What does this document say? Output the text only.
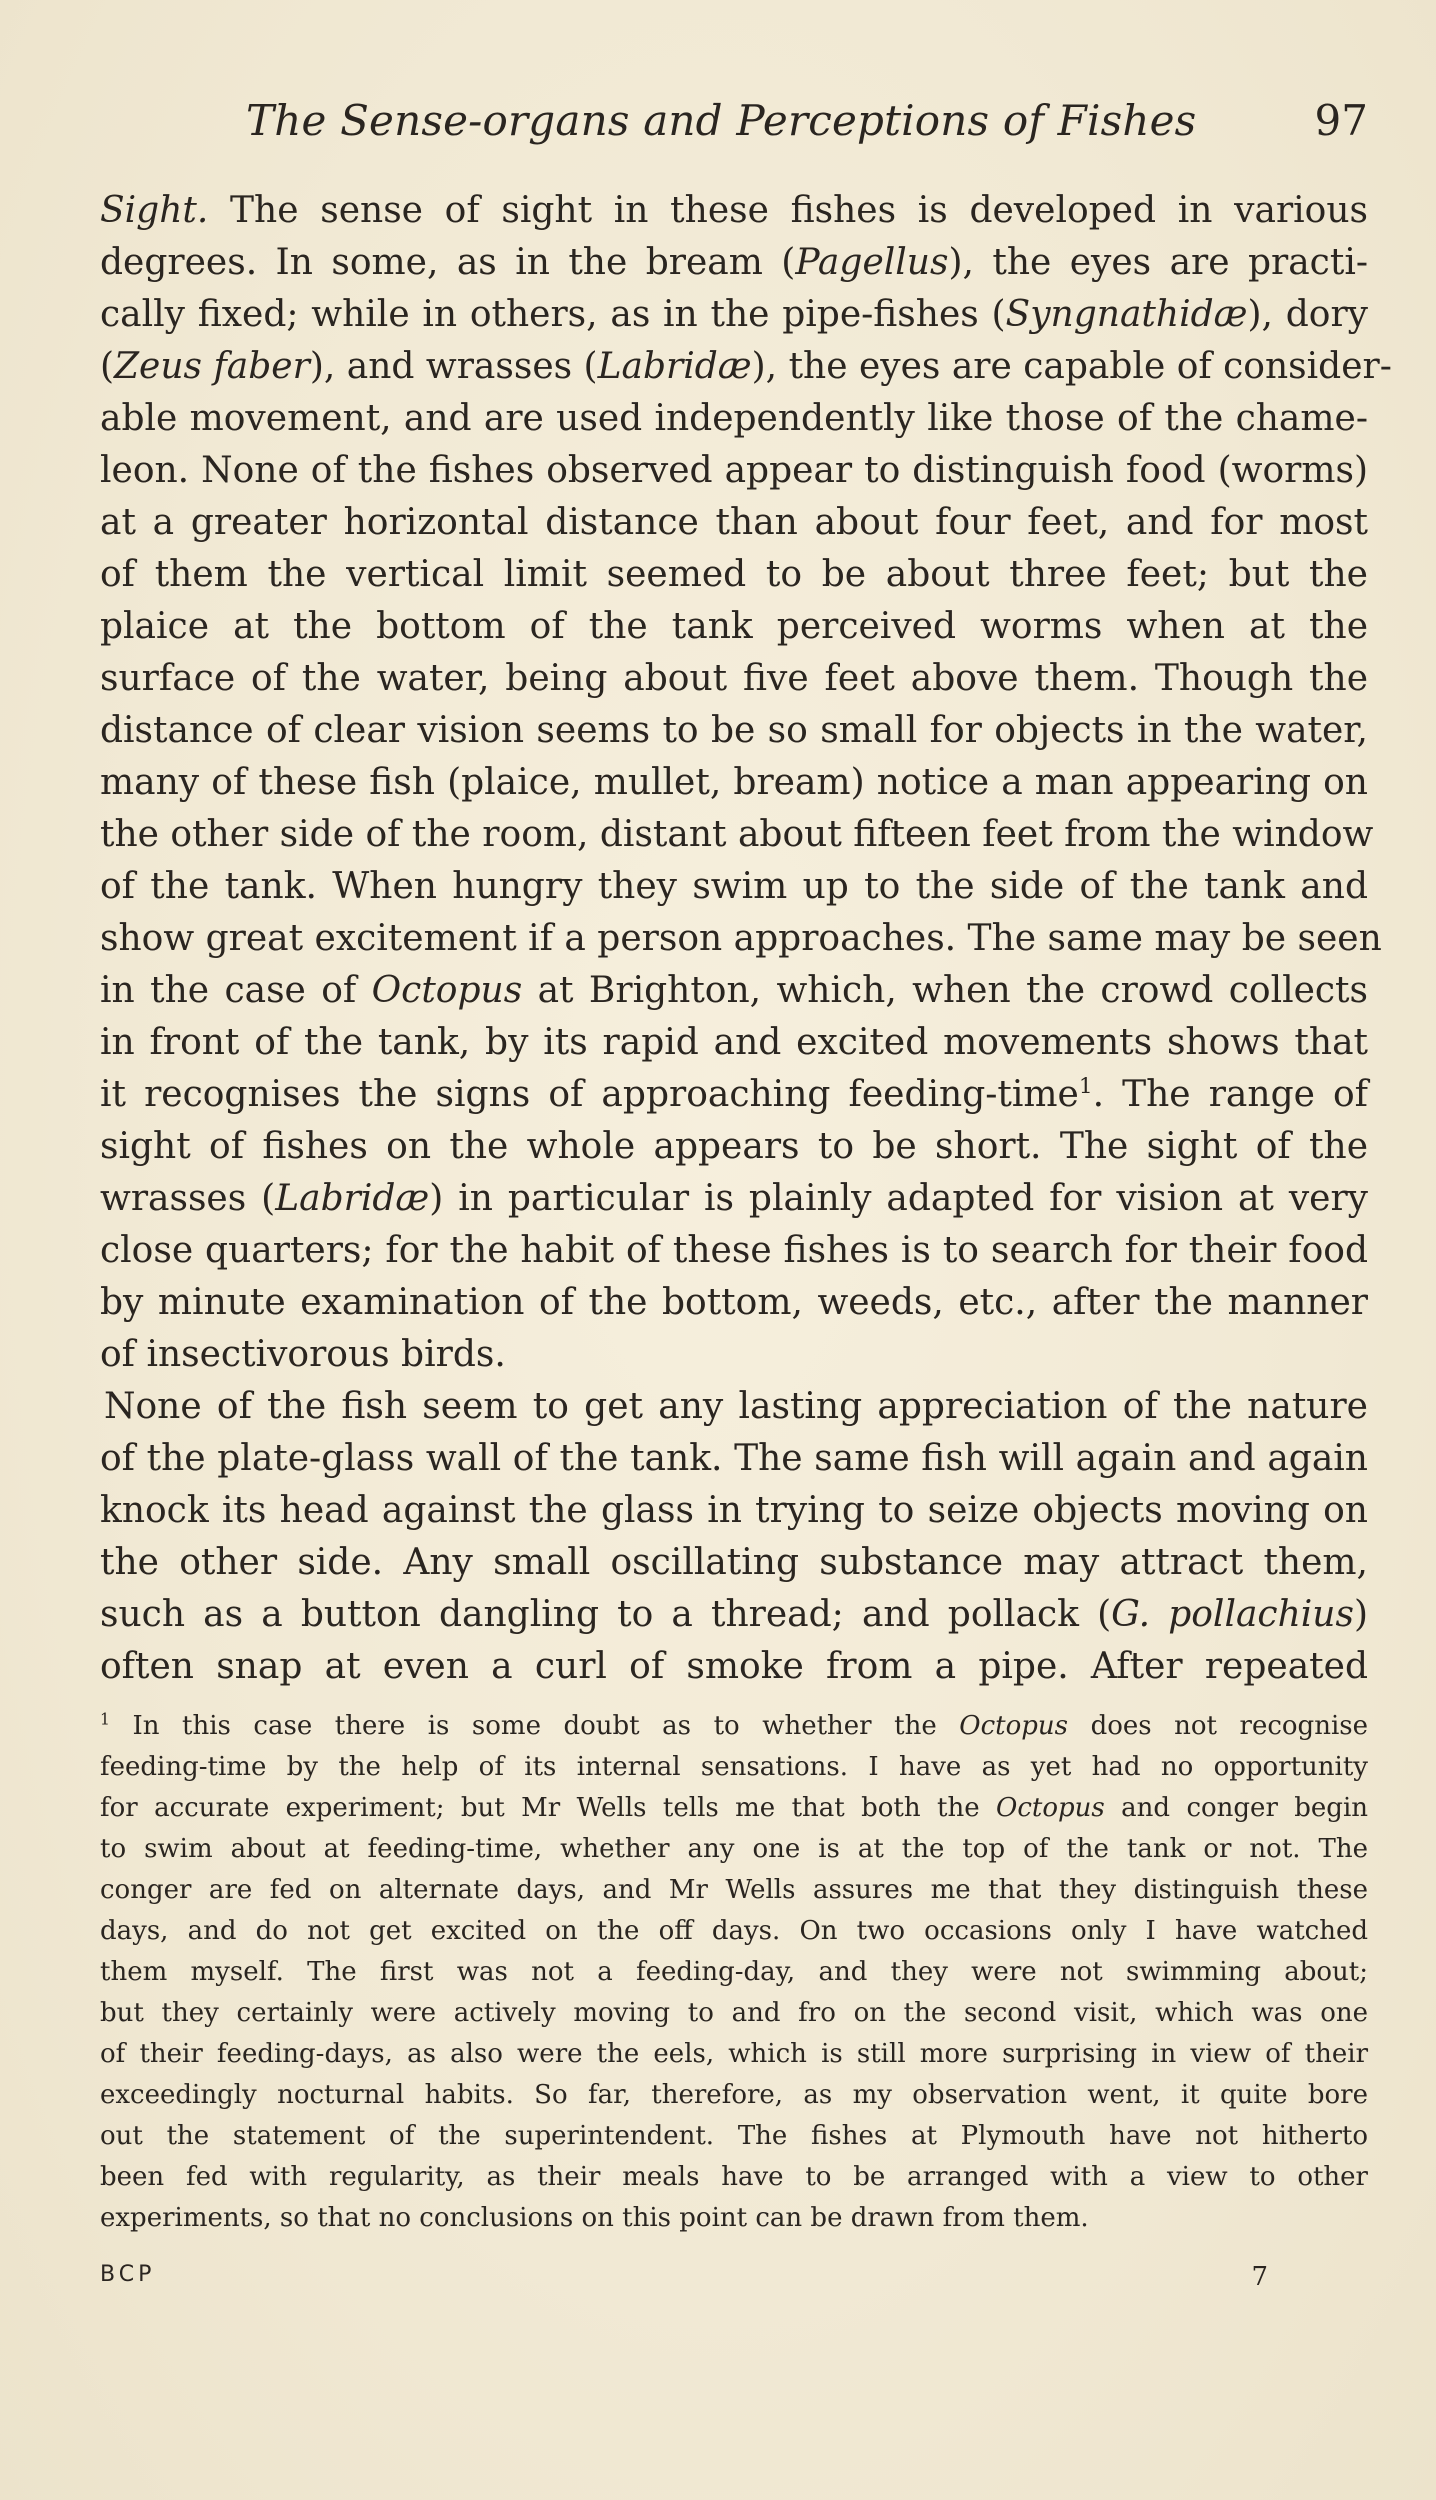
The Sense-organs and Perceptions of Fishes	97
Sight. The sense of sight in these fishes is developed in various
degrees. In some, as in the bream (Pagellus), the eyes are practi-
cally fixed; while in others, as in the pipe-fishes (Syngnathidæ), dory
(Zeus faber), and wrasses (Labridæ), the eyes are capable of consider-
able movement, and are used independently like those of the chame-
leon. None of the fishes observed appear to distinguish food (worms)
at a greater horizontal distance than about four feet, and for most
of them the vertical limit seemed to be about three feet; but the
plaice at the bottom of the tank perceived worms when at the
surface of the water, being about five feet above them. Though the
distance of clear vision seems to be so small for objects in the water,
many of these fish (plaice, mullet, bream) notice a man appearing on
the other side of the room, distant about fifteen feet from the window
of the tank. When hungry they swim up to the side of the tank and
show great excitement if a person approaches. The same may be seen
in the case of Octopus at Brighton, which, when the crowd collects
in front of the tank, by its rapid and excited movements shows that
it recognises the signs of approaching feeding-time$^1$. The range of
sight of fishes on the whole appears to be short. The sight of the
wrasses (Labridæ) in particular is plainly adapted for vision at very
close quarters; for the habit of these fishes is to search for their food
by minute examination of the bottom, weeds, etc., after the manner
of insectivorous birds.
None of the fish seem to get any lasting appreciation of the nature
of the plate-glass wall of the tank. The same fish will again and again
knock its head against the glass in trying to seize objects moving on
the other side. Any small oscillating substance may attract them,
such as a button dangling to a thread; and pollack (G. pollachius)
often snap at even a curl of smoke from a pipe. After repeated
$^1$ In this case there is some doubt as to whether the Octopus does not recognise
feeding-time by the help of its internal sensations. I have as yet had no opportunity
for accurate experiment; but Mr Wells tells me that both the Octopus and conger begin
to swim about at feeding-time, whether any one is at the top of the tank or not. The
conger are fed on alternate days, and Mr Wells assures me that they distinguish these
days, and do not get excited on the off days. On two occasions only I have watched
them myself. The first was not a feeding-day, and they were not swimming about;
but they certainly were actively moving to and fro on the second visit, which was one
of their feeding-days, as also were the eels, which is still more surprising in view of their
exceedingly nocturnal habits. So far, therefore, as my observation went, it quite bore
out the statement of the superintendent. The fishes at Plymouth have not hitherto
been fed with regularity, as their meals have to be arranged with a view to other
experiments, so that no conclusions on this point can be drawn from them.
BCP	7
